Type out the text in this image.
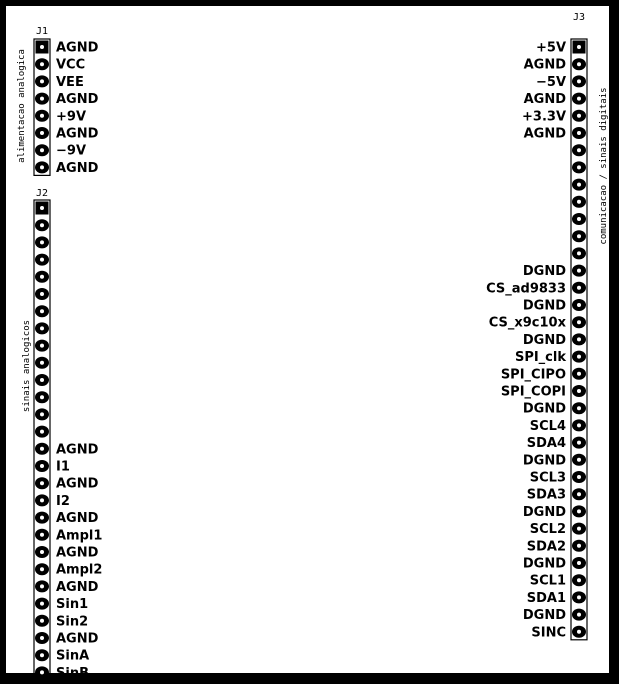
J1
alimentacao analogica
AGND
VCC
VEE
AGND
+9V
AGND
−9V
AGND
J2
sinais analogicos
AGND
I1
AGND
I2
AGND
Ampl1
AGND
Ampl2
AGND
Sin1
Sin2
AGND
SinA
SinB
J3
comunicacao / sinais digitais
+5V
AGND
−5V
AGND
+3.3V
AGND
DGND
CS_ad9833
DGND
CS_x9c10x
DGND
SPI_clk
SPI_CIPO
SPI_COPI
DGND
SCL4
SDA4
DGND
SCL3
SDA3
DGND
SCL2
SDA2
DGND
SCL1
SDA1
DGND
SINC
